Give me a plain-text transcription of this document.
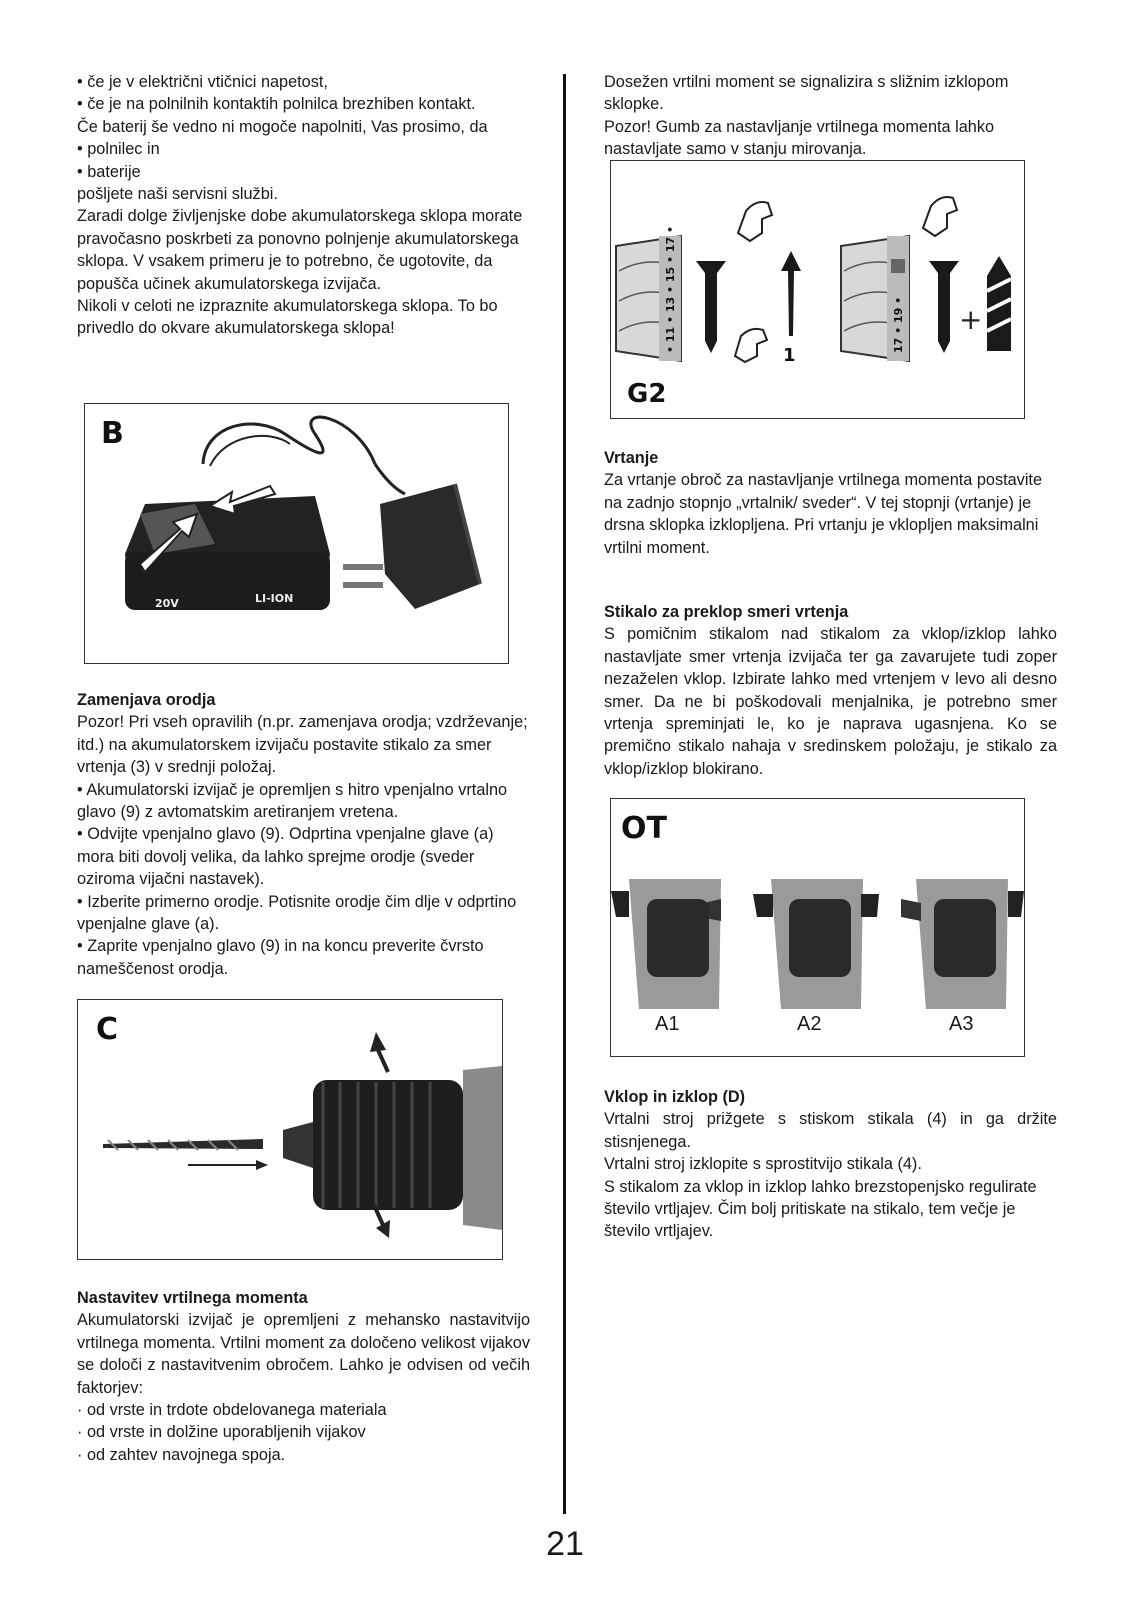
• če je v električni vtičnici napetost,

• če je na polnilnih kontaktih polnilca brezhiben kontakt.

Če baterij še vedno ni mogoče napolniti, Vas prosimo, da

• polnilec in

• baterije

pošljete naši servisni službi.

Zaradi dolge življenjske dobe akumulatorskega sklopa morate pravočasno poskrbeti za ponovno polnjenje akumulatorskega sklopa. V vsakem primeru je to potrebno, če ugotovite, da popušča učinek akumulatorskega izvijača.

Nikoli v celoti ne izpraznite akumulatorskega sklopa. To bo privedlo do okvare akumulatorskega sklopa!

B
20V	LI-ION

Zamenjava orodja

Pozor! Pri vseh opravilih (n.pr. zamenjava orodja; vzdrževanje; itd.) na akumulatorskem izvijaču postavite stikalo za smer vrtenja (3) v srednji položaj.

• Akumulatorski izvijač je opremljen s hitro vpenjalno vrtalno glavo (9) z avtomatskim aretiranjem vretena.

• Odvijte vpenjalno glavo (9). Odprtina vpenjalne glave (a) mora biti dovolj velika, da lahko sprejme orodje (sveder oziroma vijačni nastavek).

• Izberite primerno orodje. Potisnite orodje čim dlje v odprtino vpenjalne glave (a).

• Zaprite vpenjalno glavo (9) in na koncu preverite čvrsto nameščenost orodja.

C

Nastavitev vrtilnega momenta

Akumulatorski izvijač je opremljeni z mehansko nastavitvijo vrtilnega momenta. Vrtilni moment za določeno velikost vijakov se določi z nastavitvenim obročem. Lahko je odvisen od večih faktorjev:

· od vrste in trdote obdelovanega materiala

· od vrste in dolžine uporabljenih vijakov

· od zahtev navojnega spoja.

Dosežen vrtilni moment se signalizira s sližnim izklopom sklopke.

Pozor! Gumb za nastavljanje vrtilnega momenta lahko nastavljate samo v stanju mirovanja.

G2
• 11 • 13 • 15 • 17 •
1
17 • 19 • +

Vrtanje

Za vrtanje obroč za nastavljanje vrtilnega momenta postavite na zadnjo stopnjo „vrtalnik/ sveder“. V tej stopnji (vrtanje) je drsna sklopka izklopljena. Pri vrtanju je vklopljen maksimalni vrtilni moment.

Stikalo za preklop smeri vrtenja

S pomičnim stikalom nad stikalom za vklop/izklop lahko nastavljate smer vrtenja izvijača ter ga zavarujete tudi zoper nezaželen vklop. Izbirate lahko med vrtenjem v levo ali desno smer. Da ne bi poškodovali menjalnika, je potrebno smer vrtenja spreminjati le, ko je naprava ugasnjena. Ko se premično stikalo nahaja v sredinskem položaju, je stikalo za vklop/izklop blokirano.

OT
A1	A2	A3

Vklop in izklop (D)

Vrtalni stroj prižgete s stiskom stikala (4) in ga držite stisnjenega.

Vrtalni stroj izklopite s sprostitvijo stikala (4).

S stikalom za vklop in izklop lahko brezstopenjsko regulirate število vrtljajev. Čim bolj pritiskate na stikalo, tem večje je število vrtljajev.

21
